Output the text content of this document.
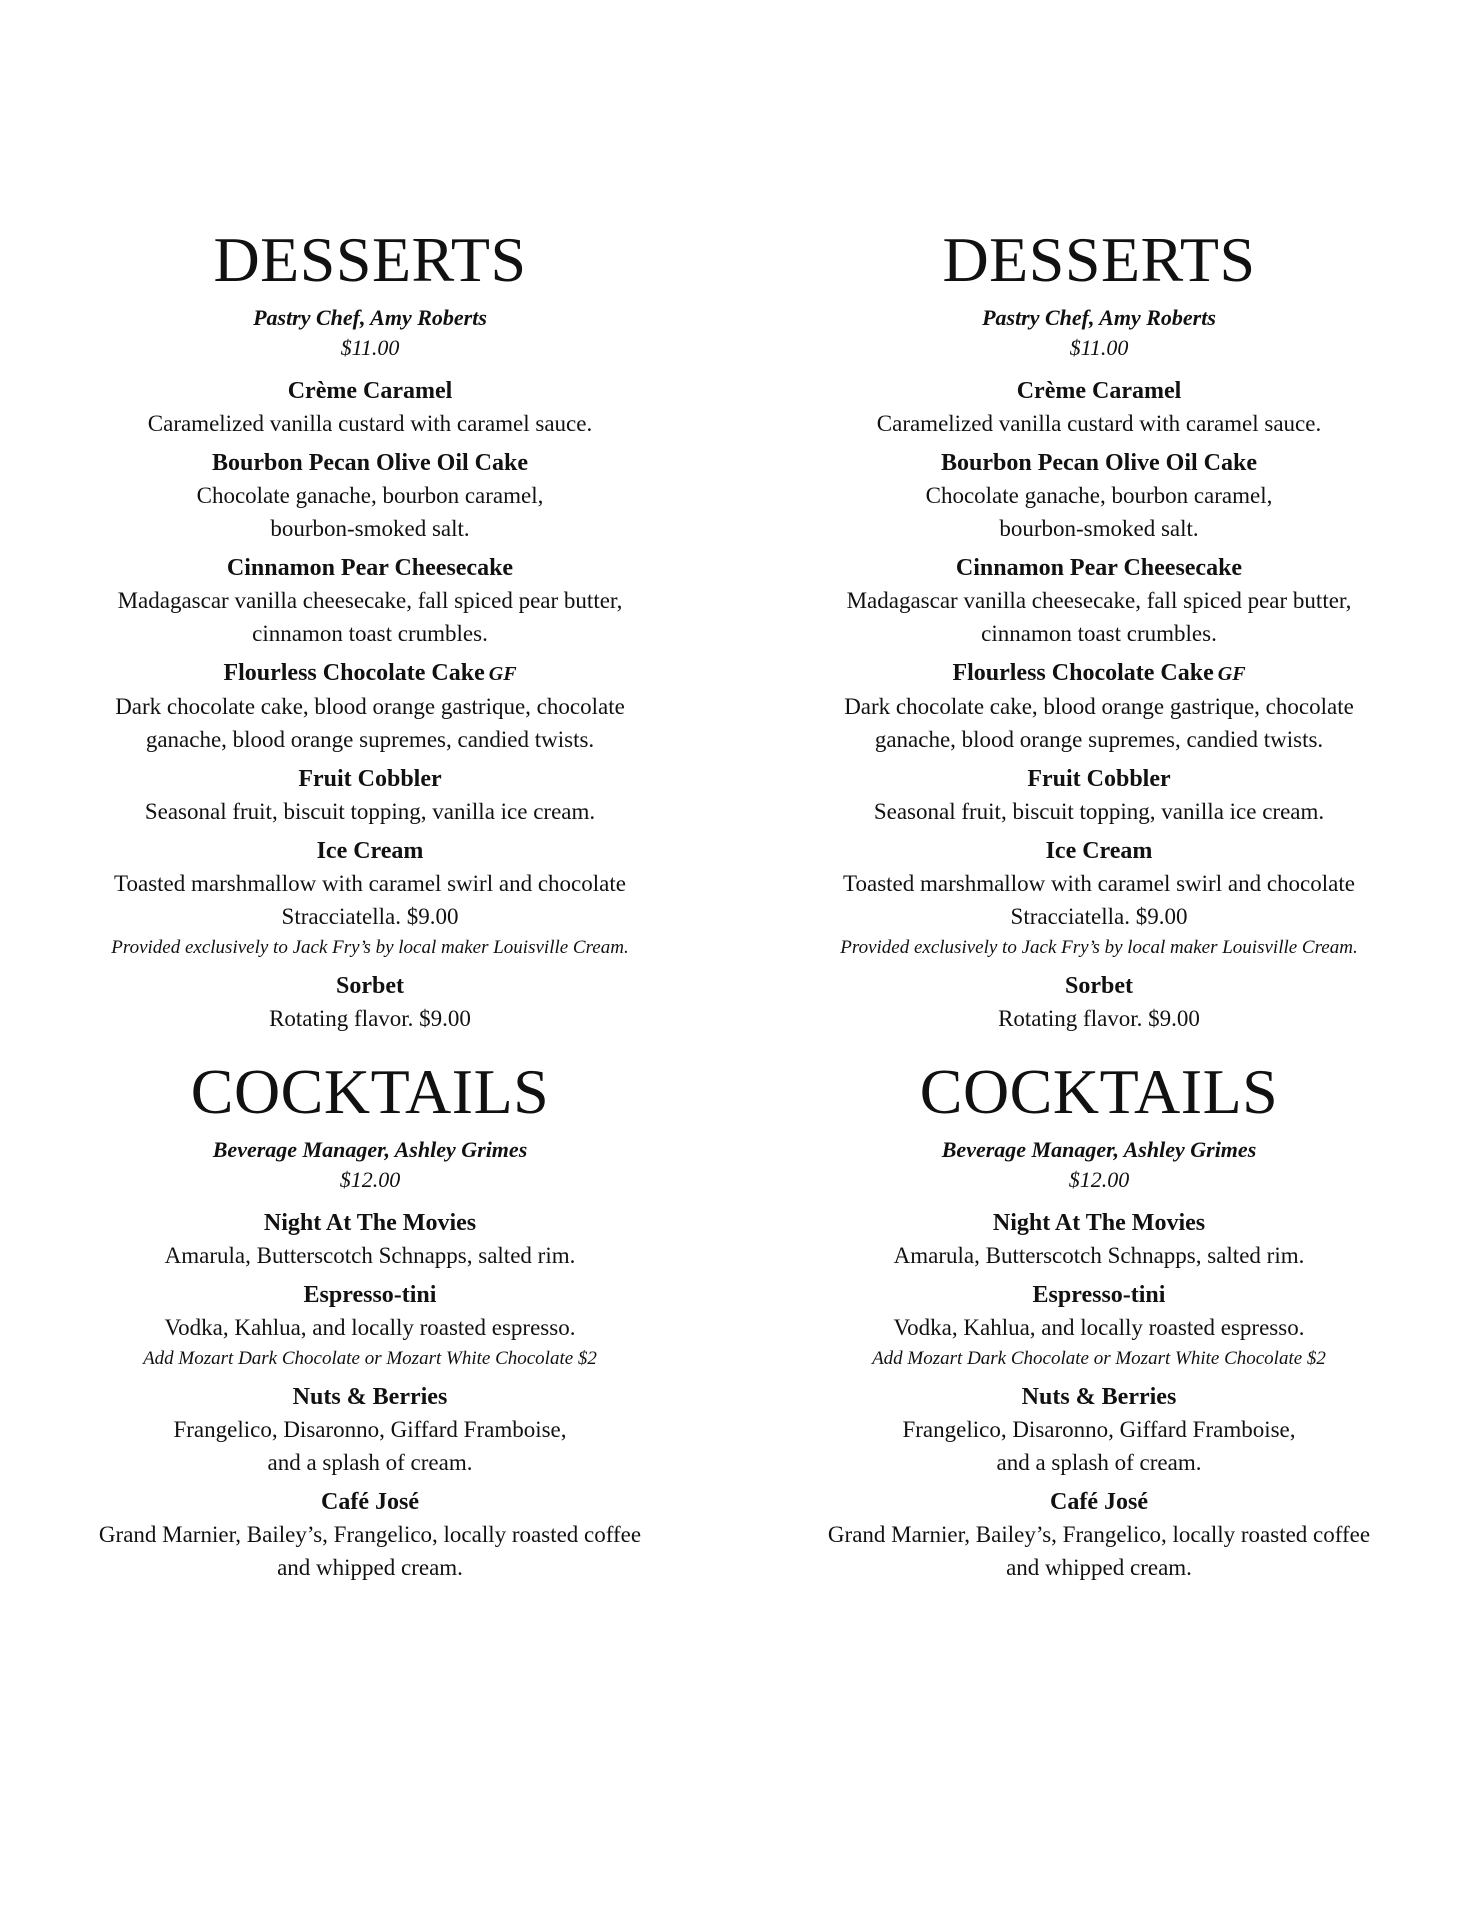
DESSERTS
Pastry Chef, Amy Roberts
$11.00
Crème Caramel
Caramelized vanilla custard with caramel sauce.
Bourbon Pecan Olive Oil Cake
Chocolate ganache, bourbon caramel,
bourbon-smoked salt.
Cinnamon Pear Cheesecake
Madagascar vanilla cheesecake, fall spiced pear butter,
cinnamon toast crumbles.
Flourless Chocolate Cake GF
Dark chocolate cake, blood orange gastrique, chocolate
ganache, blood orange supremes, candied twists.
Fruit Cobbler
Seasonal fruit, biscuit topping, vanilla ice cream.
Ice Cream
Toasted marshmallow with caramel swirl and chocolate
Stracciatella. $9.00
Provided exclusively to Jack Fry’s by local maker Louisville Cream.
Sorbet
Rotating flavor. $9.00
COCKTAILS
Beverage Manager, Ashley Grimes
$12.00
Night At The Movies
Amarula, Butterscotch Schnapps, salted rim.
Espresso-tini
Vodka, Kahlua, and locally roasted espresso.
Add Mozart Dark Chocolate or Mozart White Chocolate $2
Nuts & Berries
Frangelico, Disaronno, Giffard Framboise,
and a splash of cream.
Café José
Grand Marnier, Bailey’s, Frangelico, locally roasted coffee
and whipped cream.
DESSERTS
Pastry Chef, Amy Roberts
$11.00
Crème Caramel
Caramelized vanilla custard with caramel sauce.
Bourbon Pecan Olive Oil Cake
Chocolate ganache, bourbon caramel,
bourbon-smoked salt.
Cinnamon Pear Cheesecake
Madagascar vanilla cheesecake, fall spiced pear butter,
cinnamon toast crumbles.
Flourless Chocolate Cake GF
Dark chocolate cake, blood orange gastrique, chocolate
ganache, blood orange supremes, candied twists.
Fruit Cobbler
Seasonal fruit, biscuit topping, vanilla ice cream.
Ice Cream
Toasted marshmallow with caramel swirl and chocolate
Stracciatella. $9.00
Provided exclusively to Jack Fry’s by local maker Louisville Cream.
Sorbet
Rotating flavor. $9.00
COCKTAILS
Beverage Manager, Ashley Grimes
$12.00
Night At The Movies
Amarula, Butterscotch Schnapps, salted rim.
Espresso-tini
Vodka, Kahlua, and locally roasted espresso.
Add Mozart Dark Chocolate or Mozart White Chocolate $2
Nuts & Berries
Frangelico, Disaronno, Giffard Framboise,
and a splash of cream.
Café José
Grand Marnier, Bailey’s, Frangelico, locally roasted coffee
and whipped cream.
